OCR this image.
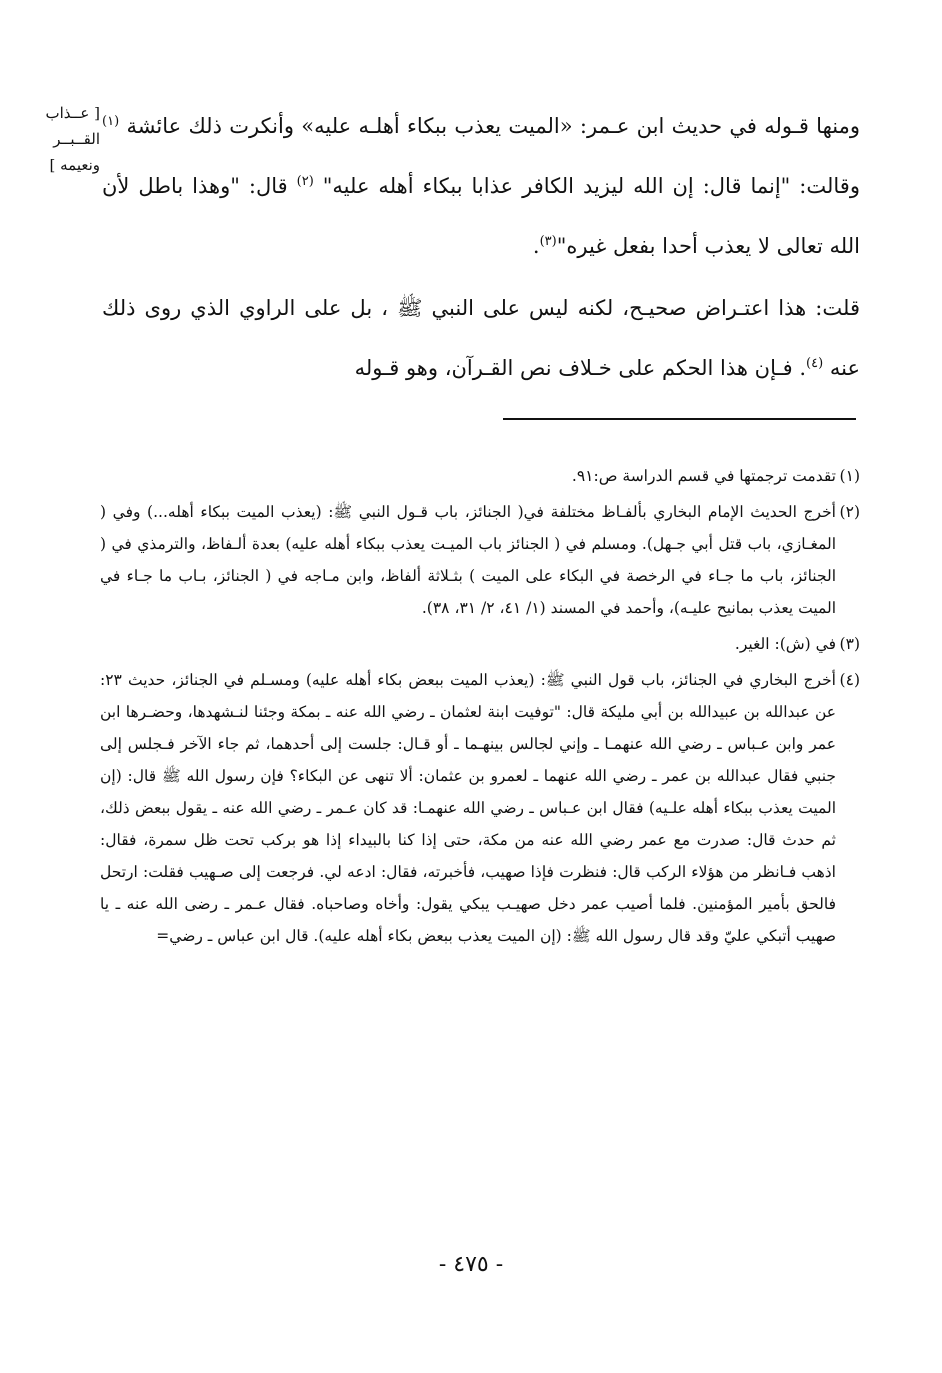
[ عــذاب
القــبــر
ونعيمه ]

ومنها قـوله في حديث ابن عـمر: «الميت يعذب ببكاء أهلـه عليه» وأنكرت ذلك عائشة $^{(١)}$ وقالت: "إنما قال: إن الله ليزيد الكافر عذابا ببكاء أهله عليه" $^{(٢)}$ قال: "وهذا باطل لأن الله تعالى لا يعذب أحدا بفعل غيره"$^{(٣)}$.

قلت: هذا اعتـراض صحيـح، لكنه ليس على النبي ﷺ ، بل على الراوي الذي روى ذلك عنه $^{(٤)}$. فـإن هذا الحكم على خـلاف نص القـرآن، وهو قـوله

(١)تقدمت ترجمتها في قسم الدراسة ص:٩١.
(٢)أخرج الحديث الإمام البخاري بألفـاظ مختلفة في( الجنائز، باب قـول النبي ﷺ: (يعذب الميت ببكاء أهله...) وفي ( المغـازي، باب قتل أبي جـهل). ومسلم في ( الجنائز باب الميـت يعذب ببكاء أهله عليه) بعدة ألـفاظ، والترمذي في ( الجنائز، باب ما جـاء في الرخصة في البكاء على الميت ) بثـلاثة ألفاظ، وابن مـاجه في ( الجنائز، بـاب ما جـاء في الميت يعذب بمانيح عليـه)، وأحمد في المسند (١/ ٤١، ٢/ ٣١، ٣٨).
(٣)في (ش): الغير.
(٤)أخرج البخاري في الجنائز، باب قول النبي ﷺ: (يعذب الميت ببعض بكاء أهله عليه) ومسـلم في الجنائز، حديث ٢٣: عن عبدالله بن عبيدالله بن أبي مليكة قال: "توفيت ابنة لعثمان ـ رضي الله عنه ـ بمكة وجئنا لنـشهدها، وحضـرها ابن عمر وابن عـباس ـ رضي الله عنهمـا ـ وإني لجالس بينهـما ـ أو قـال: جلست إلى أحدهما، ثم جاء الآخر فـجلس إلى جنبي فقال عبدالله بن عمر ـ رضي الله عنهما ـ لعمرو بن عثمان: ألا تنهى عن البكاء؟ فإن رسول الله ﷺ قال: (إن الميت يعذب ببكاء أهله علـيه) فقال ابن عـباس ـ رضي الله عنهمـا: قد كان عـمر ـ رضي الله عنه ـ يقول ببعض ذلك، ثم حدث قال: صدرت مع عمر رضي الله عنه من مكة، حتى إذا كنا بالبيداء إذا هو بركب تحت ظل سمرة، فقال: اذهب فـانظر من هؤلاء الركب قال: فنظرت فإذا صهيب، فأخبرته، فقال: ادعه لي. فرجعت إلى صـهيب فقلت: ارتحل فالحق بأمير المؤمنين. فلما أصيب عمر دخل صهيـب يبكي يقول: وأخاه وصاحباه. فقال عـمر ـ رضى الله عنه ـ يا صهيب أتبكي عليّ وقد قال رسول الله ﷺ: (إن الميت يعذب ببعض بكاء أهله عليه). قال ابن عباس ـ رضي=
- ٤٧٥ -
